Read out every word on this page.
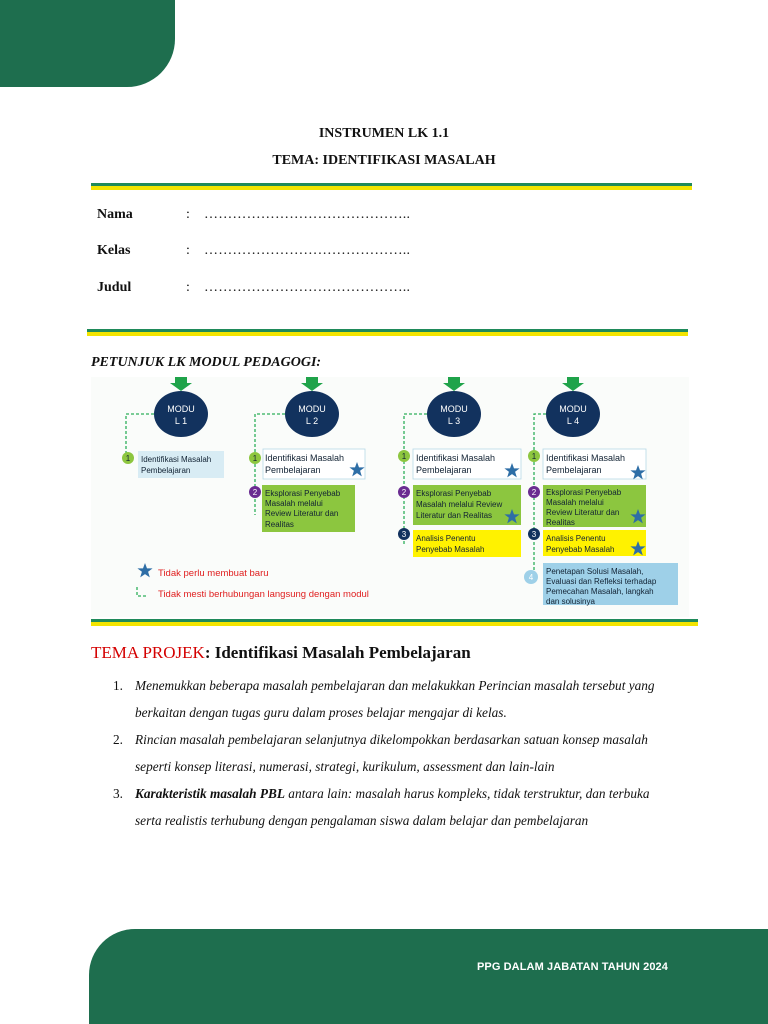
INSTRUMEN LK 1.1
TEMA: IDENTIFIKASI MASALAH
Nama	: ……………………………………..
Kelas	: ……………………………………..
Judul	: ……………………………………..
PETUNJUK LK MODUL PEDAGOGI:
MODU
L 1
1 Identifikasi Masalah
Pembelajaran
MODU
L 2
1 Identifikasi Masalah
Pembelajaran
2 Eksplorasi Penyebab
Masalah melalui
Review Literatur dan
Realitas
MODU
L 3
1 Identifikasi Masalah
Pembelajaran
2 Eksplorasi Penyebab
Masalah melalui Review
Literatur dan Realitas
3 Analisis Penentu
Penyebab Masalah
MODU
L 4
1 Identifikasi Masalah
Pembelajaran
2 Eksplorasi Penyebab
Masalah melalui
Review Literatur dan
Realitas
3 Analisis Penentu
Penyebab Masalah
4
Penetapan Solusi Masalah,
Evaluasi dan Refleksi terhadap
Pemecahan Masalah, langkah
dan solusinya
Tidak perlu membuat baru
Tidak mesti berhubungan langsung dengan modul
TEMA PROJEK: Identifikasi Masalah Pembelajaran
1. Menemukkan beberapa masalah pembelajaran dan melakukkan Perincian masalah tersebut yang berkaitan dengan tugas guru dalam proses belajar mengajar di kelas.
2. Rincian masalah pembelajaran selanjutnya dikelompokkan berdasarkan satuan konsep masalah seperti konsep literasi, numerasi, strategi, kurikulum, assessment dan lain-lain
3. Karakteristik masalah PBL antara lain: masalah harus kompleks, tidak terstruktur, dan terbuka serta realistis terhubung dengan pengalaman siswa dalam belajar dan pembelajaran
PPG DALAM JABATAN TAHUN 2024
